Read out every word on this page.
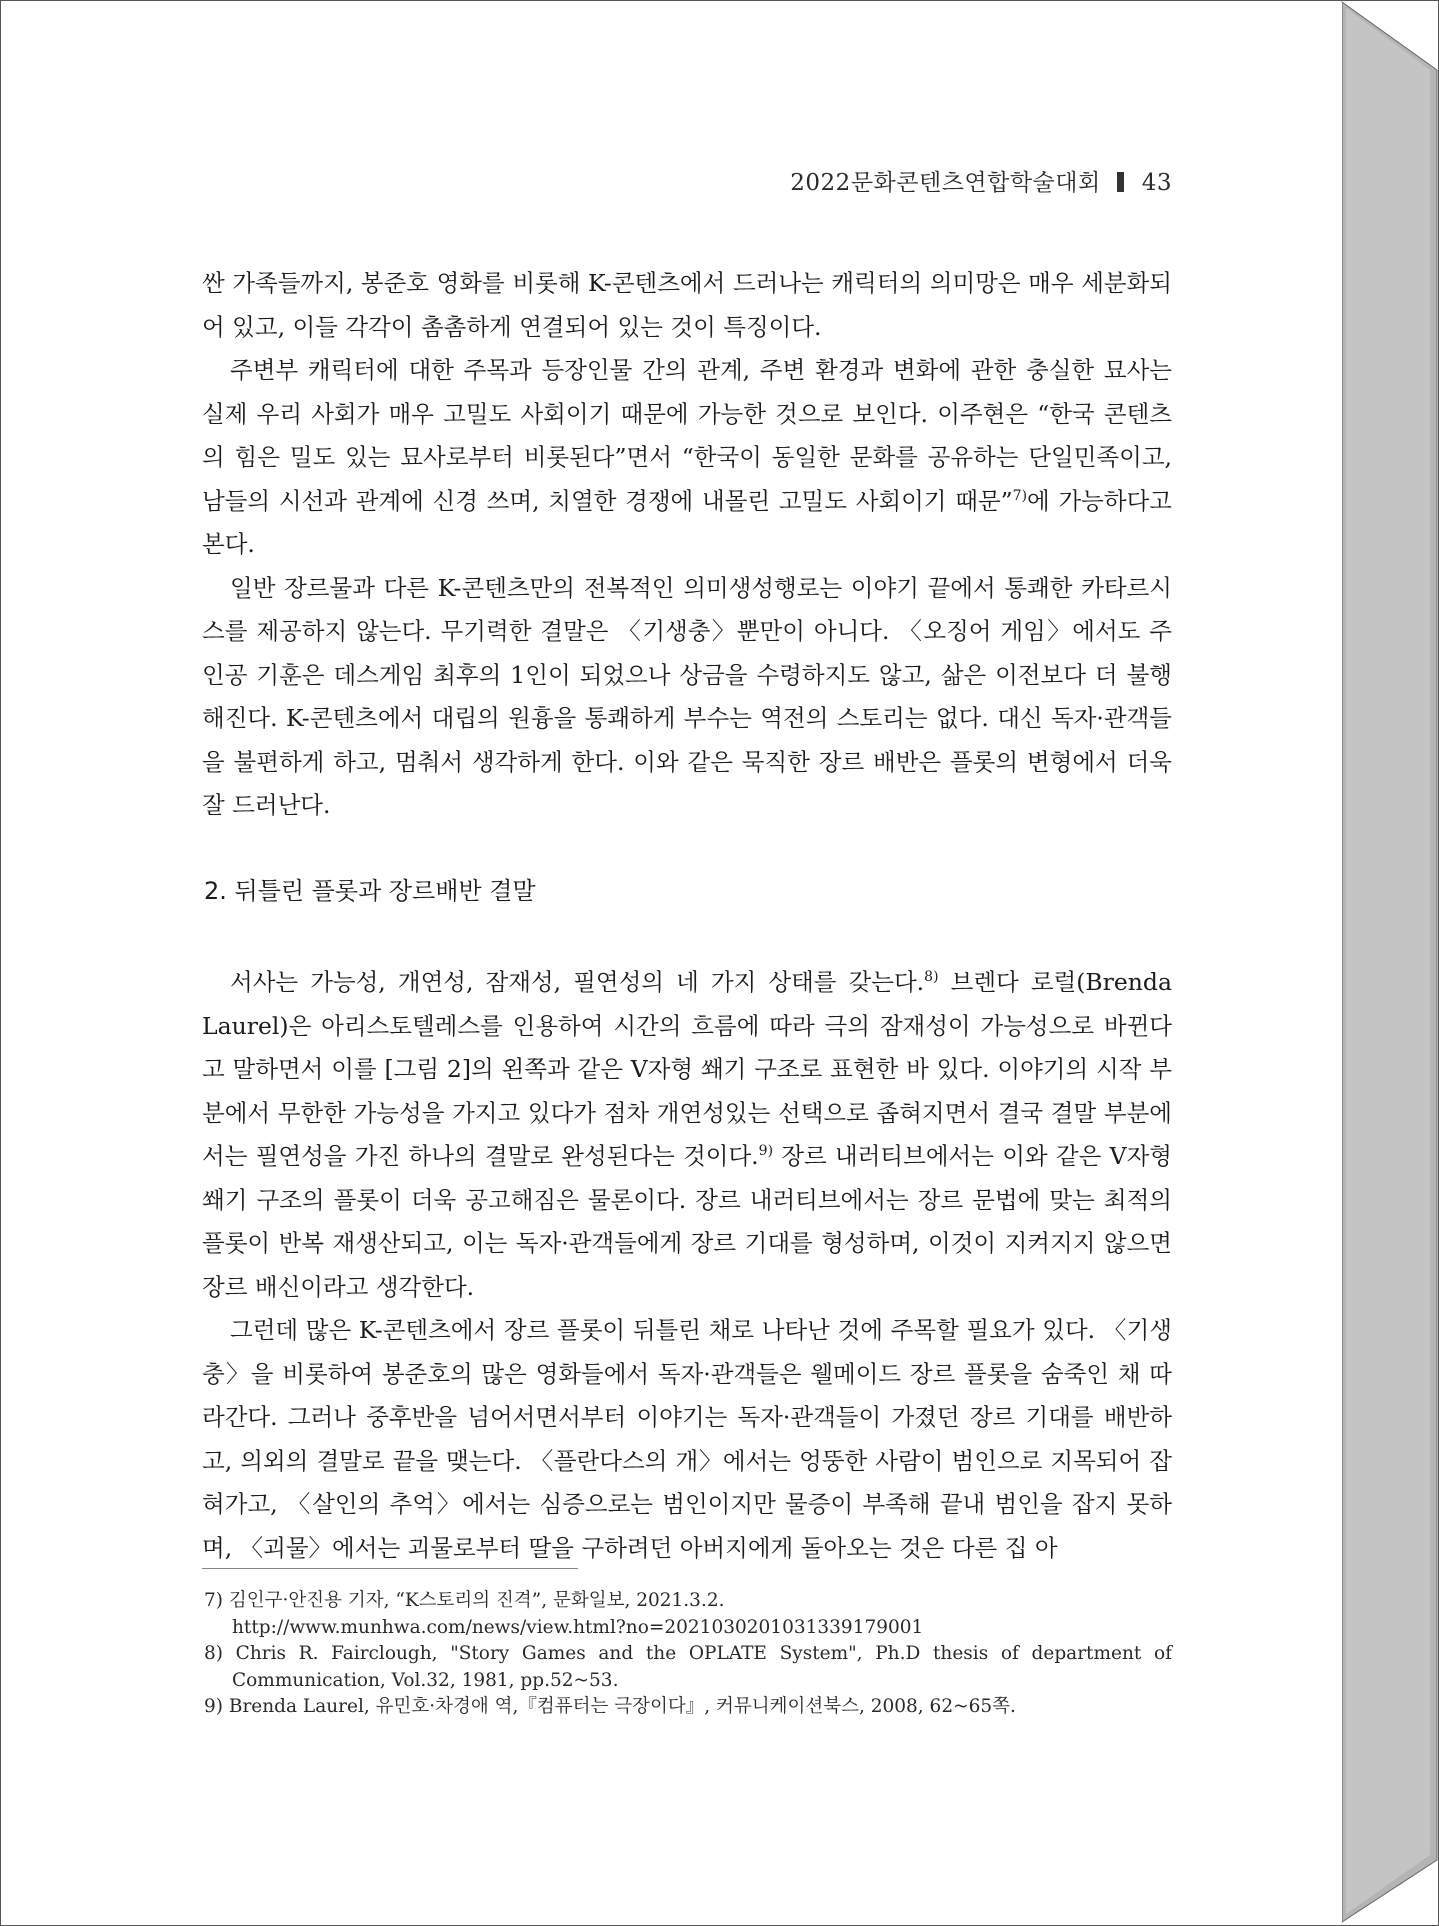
2022문화콘텐츠연합학술대회 43

싼 가족들까지, 봉준호 영화를 비롯해 K-콘텐츠에서 드러나는 캐릭터의 의미망은 매우 세분화되어 있고, 이들 각각이 촘촘하게 연결되어 있는 것이 특징이다.

주변부 캐릭터에 대한 주목과 등장인물 간의 관계, 주변 환경과 변화에 관한 충실한 묘사는 실제 우리 사회가 매우 고밀도 사회이기 때문에 가능한 것으로 보인다. 이주현은 “한국 콘텐츠의 힘은 밀도 있는 묘사로부터 비롯된다”면서 “한국이 동일한 문화를 공유하는 단일민족이고, 남들의 시선과 관계에 신경 쓰며, 치열한 경쟁에 내몰린 고밀도 사회이기 때문”$^{7)}$에 가능하다고 본다.

일반 장르물과 다른 K-콘텐츠만의 전복적인 의미생성행로는 이야기 끝에서 통쾌한 카타르시스를 제공하지 않는다. 무기력한 결말은 〈기생충〉뿐만이 아니다. 〈오징어 게임〉에서도 주인공 기훈은 데스게임 최후의 1인이 되었으나 상금을 수령하지도 않고, 삶은 이전보다 더 불행해진다. K-콘텐츠에서 대립의 원흉을 통쾌하게 부수는 역전의 스토리는 없다. 대신 독자·관객들을 불편하게 하고, 멈춰서 생각하게 한다. 이와 같은 묵직한 장르 배반은 플롯의 변형에서 더욱 잘 드러난다.

2. 뒤틀린 플롯과 장르배반 결말

서사는 가능성, 개연성, 잠재성, 필연성의 네 가지 상태를 갖는다.$^{8)}$ 브렌다 로럴(Brenda Laurel)은 아리스토텔레스를 인용하여 시간의 흐름에 따라 극의 잠재성이 가능성으로 바뀐다고 말하면서 이를 [그림 2]의 왼쪽과 같은 V자형 쐐기 구조로 표현한 바 있다. 이야기의 시작 부분에서 무한한 가능성을 가지고 있다가 점차 개연성있는 선택으로 좁혀지면서 결국 결말 부분에서는 필연성을 가진 하나의 결말로 완성된다는 것이다.$^{9)}$ 장르 내러티브에서는 이와 같은 V자형 쐐기 구조의 플롯이 더욱 공고해짐은 물론이다. 장르 내러티브에서는 장르 문법에 맞는 최적의 플롯이 반복 재생산되고, 이는 독자·관객들에게 장르 기대를 형성하며, 이것이 지켜지지 않으면 장르 배신이라고 생각한다.

그런데 많은 K-콘텐츠에서 장르 플롯이 뒤틀린 채로 나타난 것에 주목할 필요가 있다. 〈기생충〉을 비롯하여 봉준호의 많은 영화들에서 독자·관객들은 웰메이드 장르 플롯을 숨죽인 채 따라간다. 그러나 중후반을 넘어서면서부터 이야기는 독자·관객들이 가졌던 장르 기대를 배반하고, 의외의 결말로 끝을 맺는다. 〈플란다스의 개〉에서는 엉뚱한 사람이 범인으로 지목되어 잡혀가고, 〈살인의 추억〉에서는 심증으로는 범인이지만 물증이 부족해 끝내 범인을 잡지 못하며, 〈괴물〉에서는 괴물로부터 딸을 구하려던 아버지에게 돌아오는 것은 다른 집 아

7) 김인구·안진용 기자, “K스토리의 진격”, 문화일보, 2021.3.2.

http://www.munhwa.com/news/view.html?no=2021030201031339179001

8) Chris R. Fairclough, "Story Games and the OPLATE System", Ph.D thesis of department of Communication, Vol.32, 1981, pp.52~53.

9) Brenda Laurel, 유민호·차경애 역,『컴퓨터는 극장이다』, 커뮤니케이션북스, 2008, 62~65쪽.
